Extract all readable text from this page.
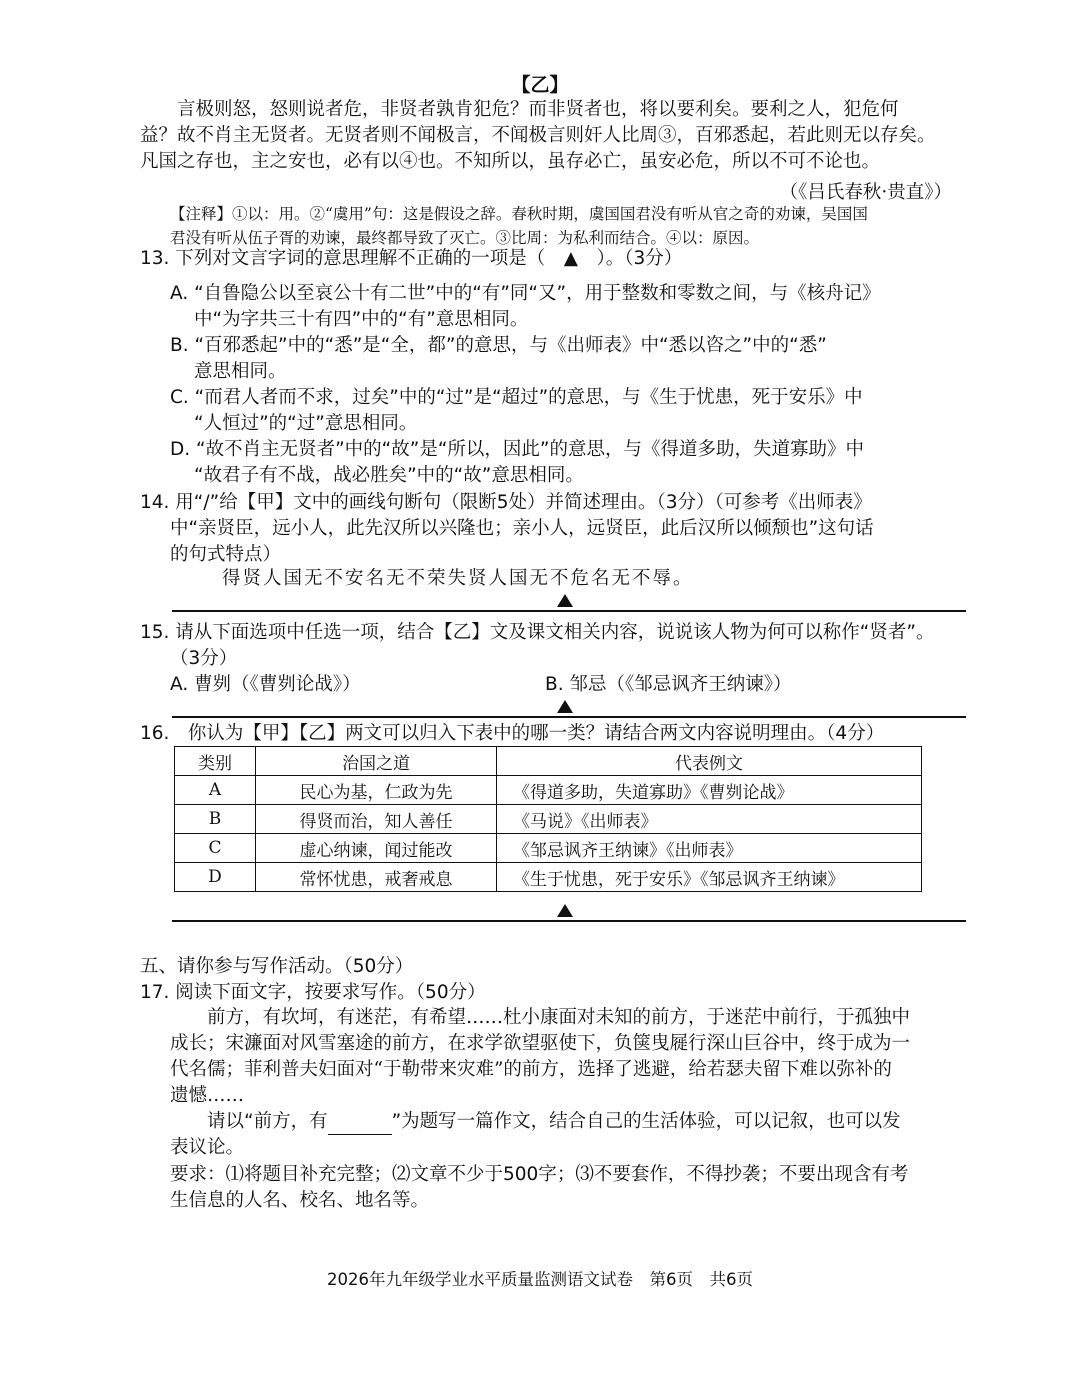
【乙】
　　言极则怒，怒则说者危，非贤者孰肯犯危？而非贤者也，将以要利矣。要利之人，犯危何
益？故不肖主无贤者。无贤者则不闻极言，不闻极言则奸人比周③，百邪悉起，若此则无以存矣。
凡国之存也，主之安也，必有以④也。不知所以，虽存必亡，虽安必危，所以不可不论也。
（《吕氏春秋·贵直》）
【注释】①以：用。②“虞用”句：这是假设之辞。春秋时期，虞国国君没有听从官之奇的劝谏，吴国国
君没有听从伍子胥的劝谏，最终都导致了灭亡。③比周：为私利而结合。④以：原因。
13. 下列对文言字词的意思理解不正确的一项是（　▲　）。（3分）
A. “自鲁隐公以至哀公十有二世”中的“有”同“又”，用于整数和零数之间，与《核舟记》
中“为字共三十有四”中的“有”意思相同。
B. “百邪悉起”中的“悉”是“全，都”的意思，与《出师表》中“悉以咨之”中的“悉”
意思相同。
C. “而君人者而不求，过矣”中的“过”是“超过”的意思，与《生于忧患，死于安乐》中
“人恒过”的“过”意思相同。
D. “故不肖主无贤者”中的“故”是“所以，因此”的意思，与《得道多助，失道寡助》中
“故君子有不战，战必胜矣”中的“故”意思相同。
14. 用“/”给【甲】文中的画线句断句（限断5处）并简述理由。（3分）（可参考《出师表》
中“亲贤臣，远小人，此先汉所以兴隆也；亲小人，远贤臣，此后汉所以倾颓也”这句话
的句式特点）
得贤人国无不安名无不荣失贤人国无不危名无不辱。
15. 请从下面选项中任选一项，结合【乙】文及课文相关内容，说说该人物为何可以称作“贤者”。
（3分）
A. 曹刿（《曹刿论战》）	B. 邹忌（《邹忌讽齐王纳谏》）
16.　你认为【甲】【乙】两文可以归入下表中的哪一类？请结合两文内容说明理由。（4分）
类别	治国之道	代表例文
A	民心为基，仁政为先	《得道多助，失道寡助》《曹刿论战》
B	得贤而治，知人善任	《马说》《出师表》
C	虚心纳谏，闻过能改	《邹忌讽齐王纳谏》《出师表》
D	常怀忧患，戒奢戒息	《生于忧患，死于安乐》《邹忌讽齐王纳谏》
五、请你参与写作活动。（50分）
17. 阅读下面文字，按要求写作。（50分）
　　前方，有坎坷，有迷茫，有希望……杜小康面对未知的前方，于迷茫中前行，于孤独中
成长；宋濂面对风雪塞途的前方，在求学欲望驱使下，负箧曳屣行深山巨谷中，终于成为一
代名儒；菲利普夫妇面对“于勒带来灾难”的前方，选择了逃避，给若瑟夫留下难以弥补的
遗憾……
　　请以“前方，有	”为题写一篇作文，结合自己的生活体验，可以记叙，也可以发
表议论。
要求：⑴将题目补充完整；⑵文章不少于500字；⑶不要套作，不得抄袭；不要出现含有考
生信息的人名、校名、地名等。
2026年九年级学业水平质量监测语文试卷　第6页　共6页
